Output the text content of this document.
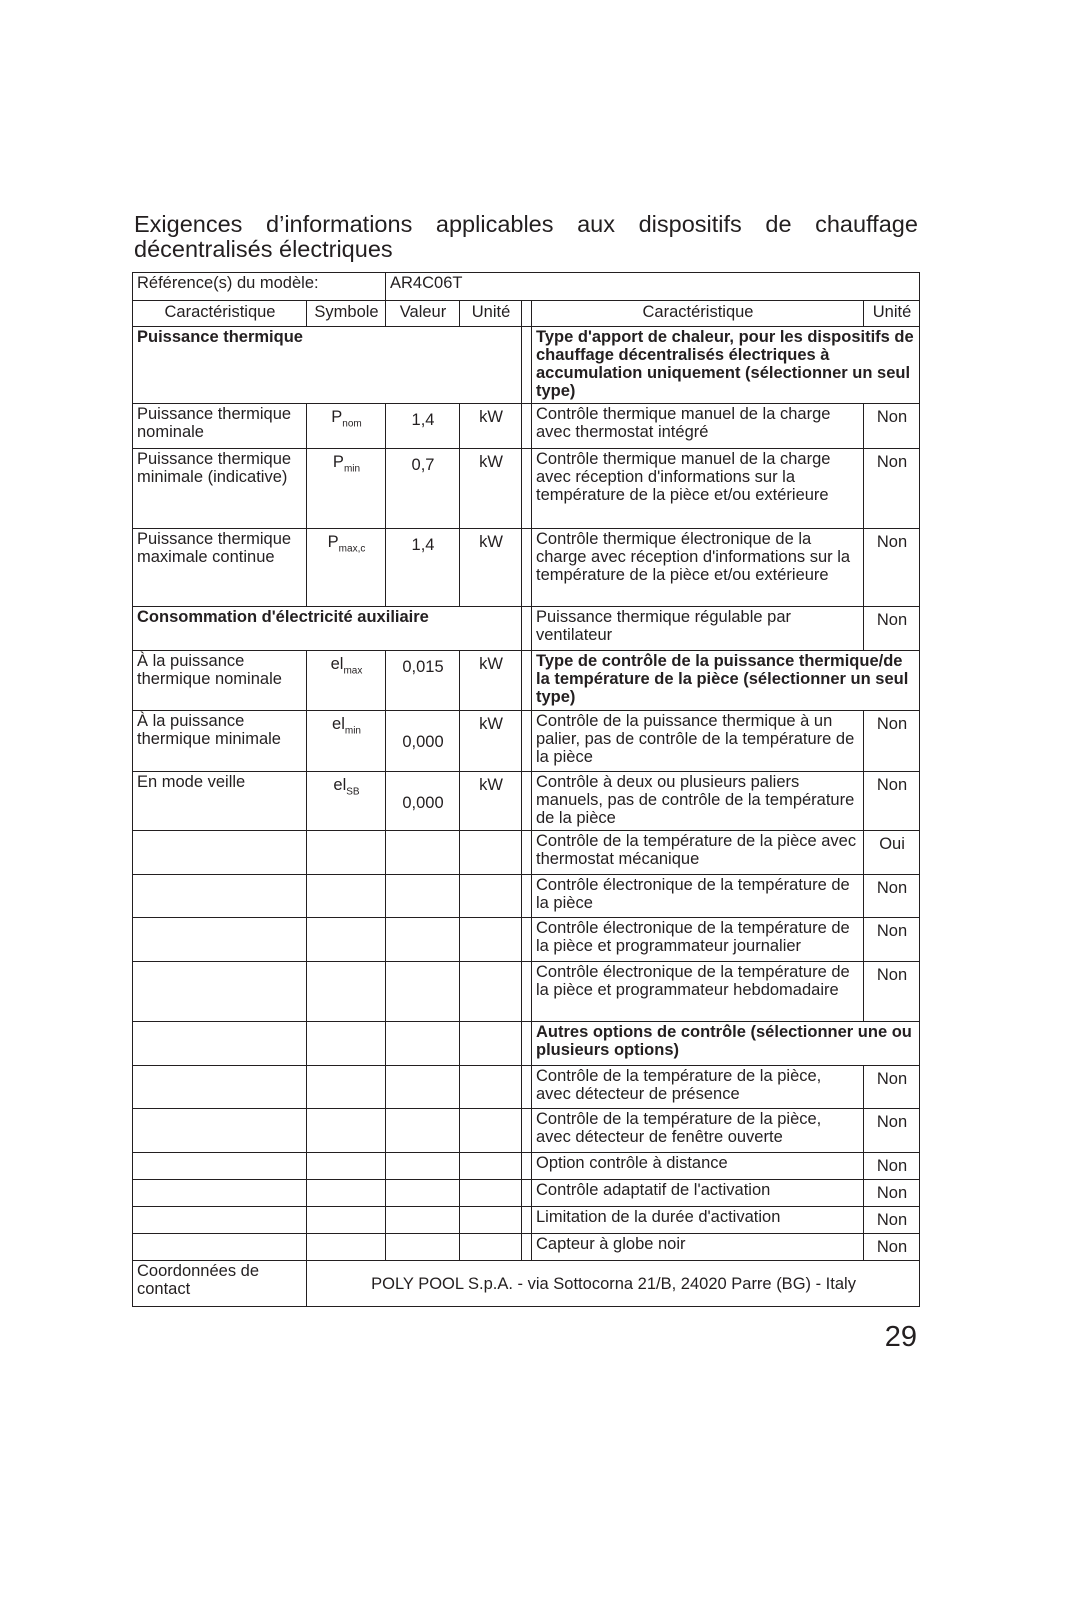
Exigences d’informations applicables aux dispositifs de chauffage
décentralisés électriques
Référence(s) du modèle:		AR4C06T				
Caractéristique	Symbole	Valeur	Unité		Caractéristique	Unité
Puissance thermique					Type d'apport de chaleur, pour les dispositifs de chauffage décentralisés électriques à accumulation uniquement (sélectionner un seul type)	
Puissance thermique nominale	$P_{nom}$	1,4	kW		Contrôle thermique manuel de la charge avec thermostat intégré	Non
Puissance thermique minimale (indicative)	$P_{min}$	0,7	kW		Contrôle thermique manuel de la charge avec réception d'informations sur la température de la pièce et/ou extérieure	Non
Puissance thermique maximale continue	$P_{max,c}$	1,4	kW		Contrôle thermique électronique de la charge avec réception d'informations sur la température de la pièce et/ou extérieure	Non
Consommation d'électricité auxiliaire					Puissance thermique régulable par ventilateur	Non
À la puissance thermique nominale	$el_{max}$	0,015	kW		Type de contrôle de la puissance thermique/de la température de la pièce (sélectionner un seul type)	
À la puissance thermique minimale	$el_{min}$	0,000	kW		Contrôle de la puissance thermique à un palier, pas de contrôle de la température de la pièce	Non
En mode veille	$el_{SB}$	0,000	kW		Contrôle à deux ou plusieurs paliers manuels, pas de contrôle de la température de la pièce	Non
					Contrôle de la température de la pièce avec thermostat mécanique	Oui
					Contrôle électronique de la température de la pièce	Non
					Contrôle électronique de la température de la pièce et programmateur journalier	Non
					Contrôle électronique de la température de la pièce et programmateur hebdomadaire	Non
					Autres options de contrôle (sélectionner une ou plusieurs options)	
					Contrôle de la température de la pièce, avec détecteur de présence	Non
					Contrôle de la température de la pièce, avec détecteur de fenêtre ouverte	Non
					Option contrôle à distance	Non
					Contrôle adaptatif de l'activation	Non
					Limitation de la durée d'activation	Non
					Capteur à globe noir	Non
Coordonnées de contact	POLY POOL S.p.A. - via Sottocorna 21/B, 24020 Parre (BG) - Italy					

29
